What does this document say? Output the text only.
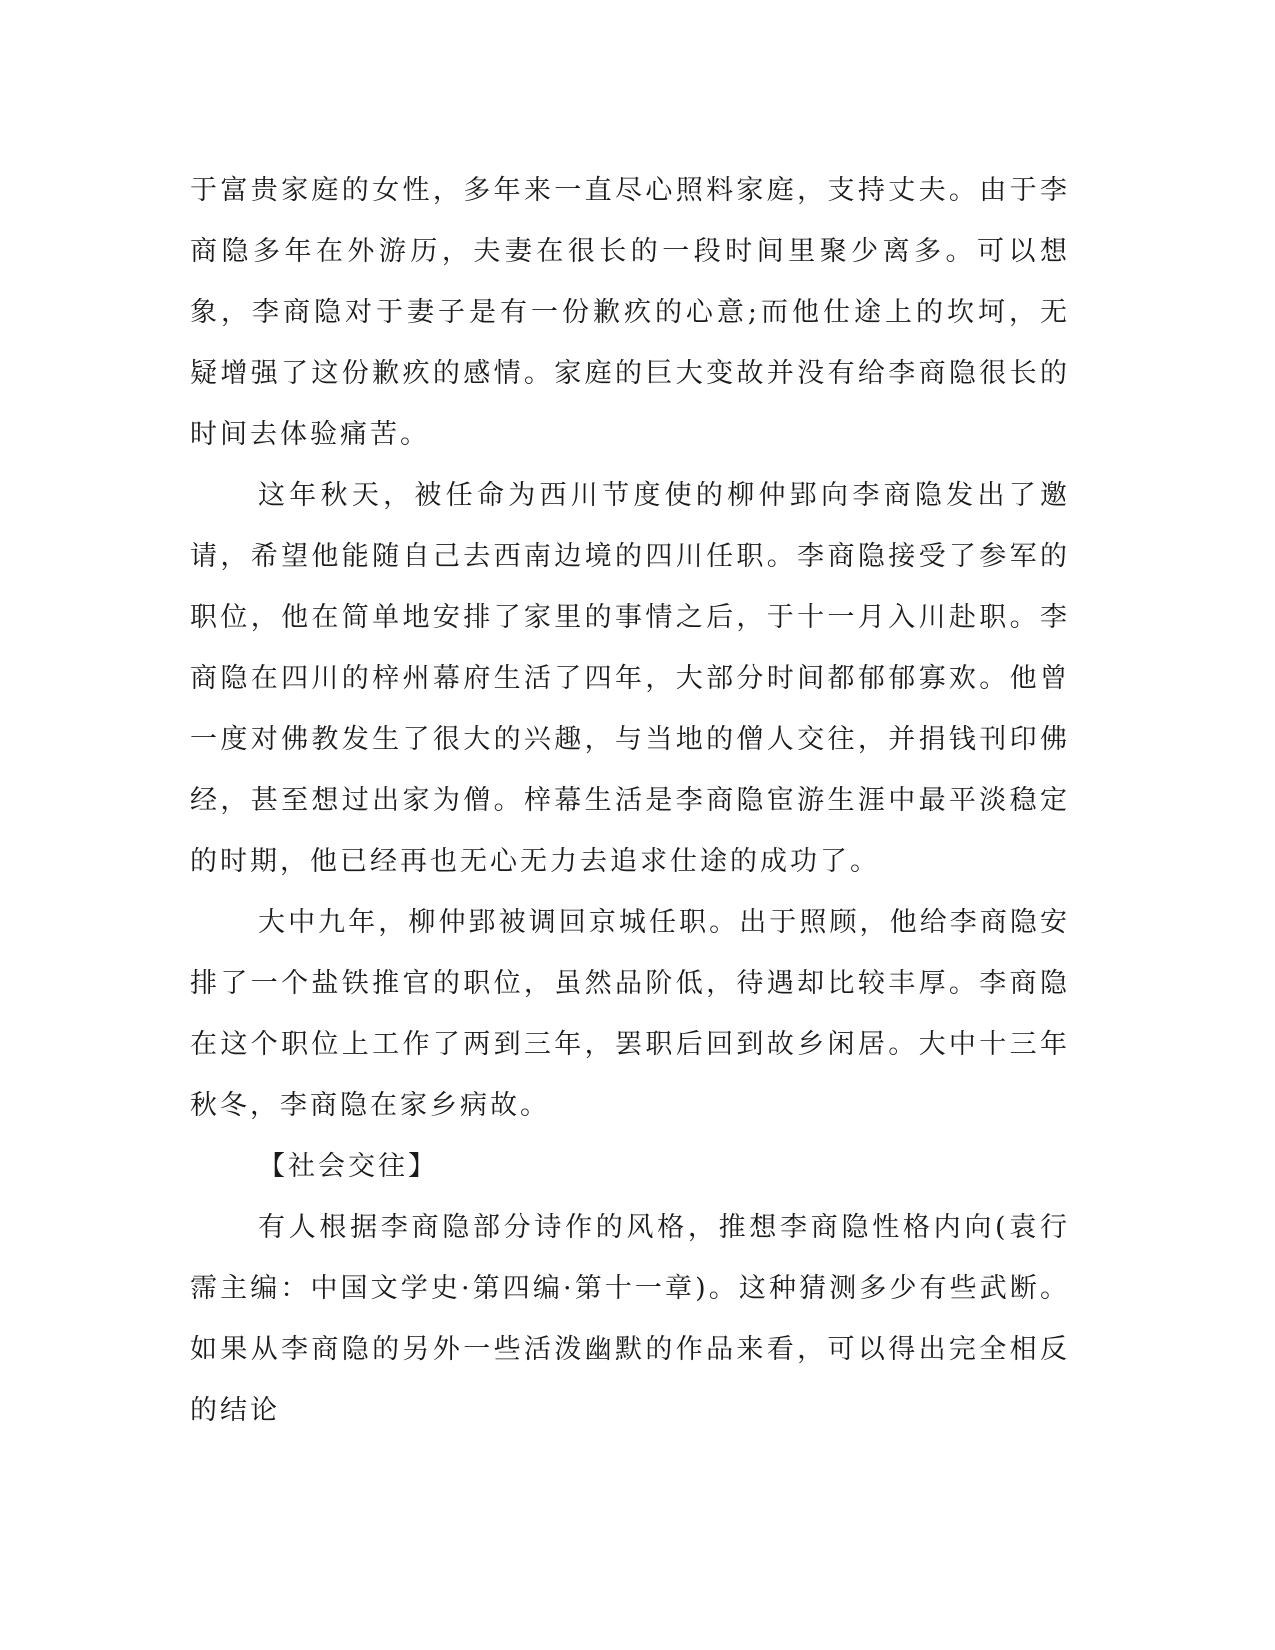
于富贵家庭的女性，多年来一直尽心照料家庭，支持丈夫。由于李商隐多年在外游历，夫妻在很长的一段时间里聚少离多。可以想象，李商隐对于妻子是有一份歉疚的心意;而他仕途上的坎坷，无疑增强了这份歉疚的感情。家庭的巨大变故并没有给李商隐很长的时间去体验痛苦。

这年秋天，被任命为西川节度使的柳仲郢向李商隐发出了邀请，希望他能随自己去西南边境的四川任职。李商隐接受了参军的职位，他在简单地安排了家里的事情之后，于十一月入川赴职。李商隐在四川的梓州幕府生活了四年，大部分时间都郁郁寡欢。他曾一度对佛教发生了很大的兴趣，与当地的僧人交往，并捐钱刊印佛经，甚至想过出家为僧。梓幕生活是李商隐宦游生涯中最平淡稳定的时期，他已经再也无心无力去追求仕途的成功了。

大中九年，柳仲郢被调回京城任职。出于照顾，他给李商隐安排了一个盐铁推官的职位，虽然品阶低，待遇却比较丰厚。李商隐在这个职位上工作了两到三年，罢职后回到故乡闲居。大中十三年秋冬，李商隐在家乡病故。

【社会交往】

有人根据李商隐部分诗作的风格，推想李商隐性格内向(袁行霈主编：中国文学史·第四编·第十一章)。这种猜测多少有些武断。如果从李商隐的另外一些活泼幽默的作品来看，可以得出完全相反的结论
